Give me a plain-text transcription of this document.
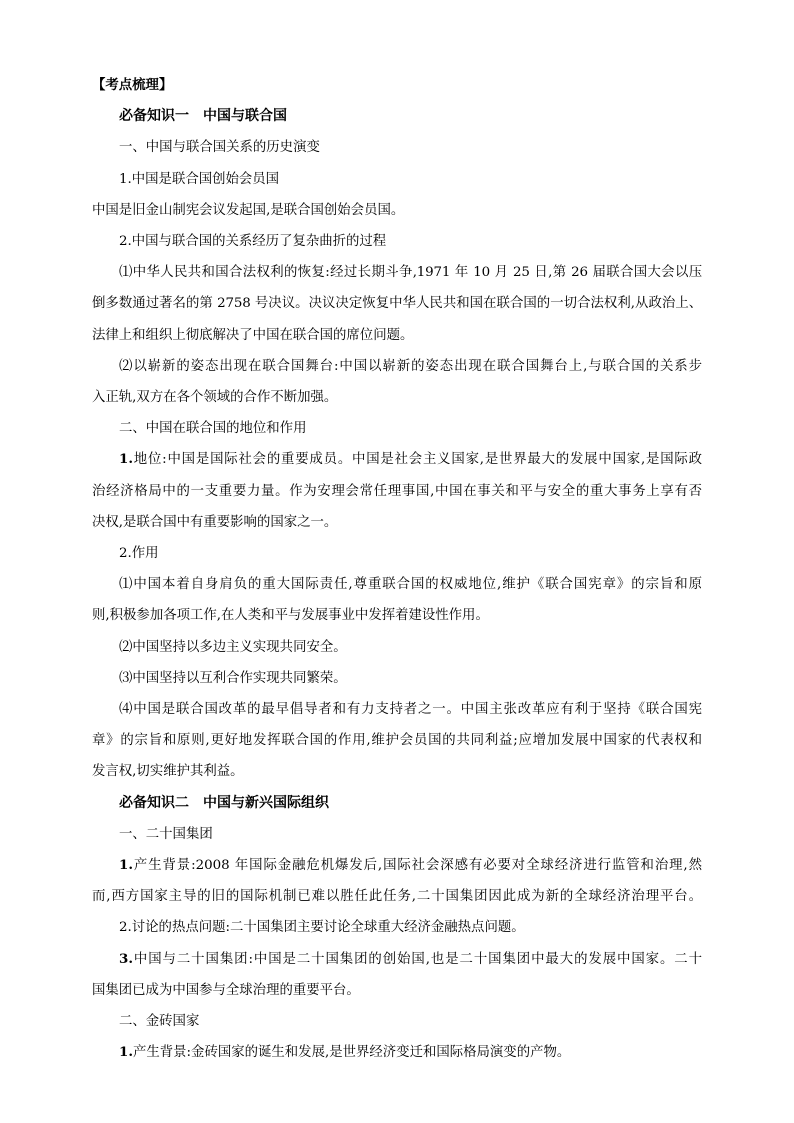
【考点梳理】
必备知识一　中国与联合国
一、中国与联合国关系的历史演变
1.中国是联合国创始会员国
中国是旧金山制宪会议发起国,是联合国创始会员国。
2.中国与联合国的关系经历了复杂曲折的过程
⑴中华人民共和国合法权利的恢复:经过长期斗争,1971 年 10 月 25 日,第 26 届联合国大会以压
倒多数通过著名的第 2758 号决议。决议决定恢复中华人民共和国在联合国的一切合法权利,从政治上、
法律上和组织上彻底解决了中国在联合国的席位问题。
⑵以崭新的姿态出现在联合国舞台:中国以崭新的姿态出现在联合国舞台上,与联合国的关系步
入正轨,双方在各个领域的合作不断加强。
二、中国在联合国的地位和作用
1.地位:中国是国际社会的重要成员。中国是社会主义国家,是世界最大的发展中国家,是国际政
治经济格局中的一支重要力量。作为安理会常任理事国,中国在事关和平与安全的重大事务上享有否
决权,是联合国中有重要影响的国家之一。
2.作用
⑴中国本着自身肩负的重大国际责任,尊重联合国的权威地位,维护《联合国宪章》的宗旨和原
则,积极参加各项工作,在人类和平与发展事业中发挥着建设性作用。
⑵中国坚持以多边主义实现共同安全。
⑶中国坚持以互利合作实现共同繁荣。
⑷中国是联合国改革的最早倡导者和有力支持者之一。中国主张改革应有利于坚持《联合国宪
章》的宗旨和原则,更好地发挥联合国的作用,维护会员国的共同利益;应增加发展中国家的代表权和
发言权,切实维护其利益。
必备知识二　中国与新兴国际组织
一、二十国集团
1.产生背景:2008 年国际金融危机爆发后,国际社会深感有必要对全球经济进行监管和治理,然
而,西方国家主导的旧的国际机制已难以胜任此任务,二十国集团因此成为新的全球经济治理平台。
2.讨论的热点问题:二十国集团主要讨论全球重大经济金融热点问题。
3.中国与二十国集团:中国是二十国集团的创始国,也是二十国集团中最大的发展中国家。二十
国集团已成为中国参与全球治理的重要平台。
二、金砖国家
1.产生背景:金砖国家的诞生和发展,是世界经济变迁和国际格局演变的产物。
